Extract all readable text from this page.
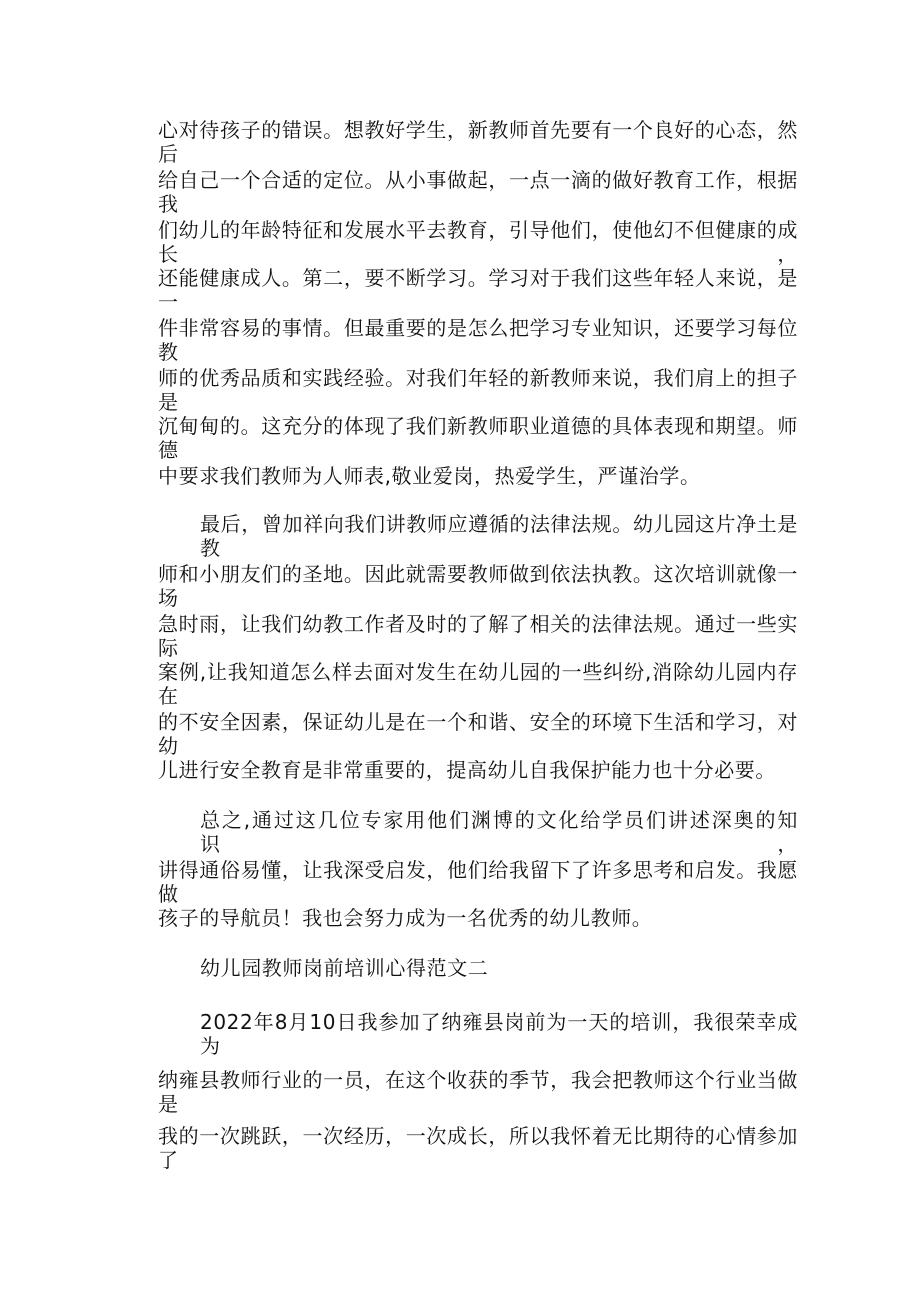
心对待孩子的错误。想教好学生，新教师首先要有一个良好的心态，然后
给自己一个合适的定位。从小事做起，一点一滴的做好教育工作，根据我
们幼儿的年龄特征和发展水平去教育，引导他们，使他幻不但健康的成长，
还能健康成人。第二，要不断学习。学习对于我们这些年轻人来说，是一
件非常容易的事情。但最重要的是怎么把学习专业知识，还要学习每位教
师的优秀品质和实践经验。对我们年轻的新教师来说，我们肩上的担子是
沉甸甸的。这充分的体现了我们新教师职业道德的具体表现和期望。师德
中要求我们教师为人师表,敬业爱岗，热爱学生，严谨治学。
最后，曾加祥向我们讲教师应遵循的法律法规。幼儿园这片净土是教
师和小朋友们的圣地。因此就需要教师做到依法执教。这次培训就像一场
急时雨，让我们幼教工作者及时的了解了相关的法律法规。通过一些实际
案例,让我知道怎么样去面对发生在幼儿园的一些纠纷,消除幼儿园内存在
的不安全因素，保证幼儿是在一个和谐、安全的环境下生活和学习，对幼
儿进行安全教育是非常重要的，提高幼儿自我保护能力也十分必要。
总之,通过这几位专家用他们渊博的文化给学员们讲述深奥的知识，
讲得通俗易懂，让我深受启发，他们给我留下了许多思考和启发。我愿做
孩子的导航员！我也会努力成为一名优秀的幼儿教师。
幼儿园教师岗前培训心得范文二
2022年8月10日我参加了纳雍县岗前为一天的培训，我很荣幸成为
纳雍县教师行业的一员，在这个收获的季节，我会把教师这个行业当做是
我的一次跳跃，一次经历，一次成长，所以我怀着无比期待的心情参加了
